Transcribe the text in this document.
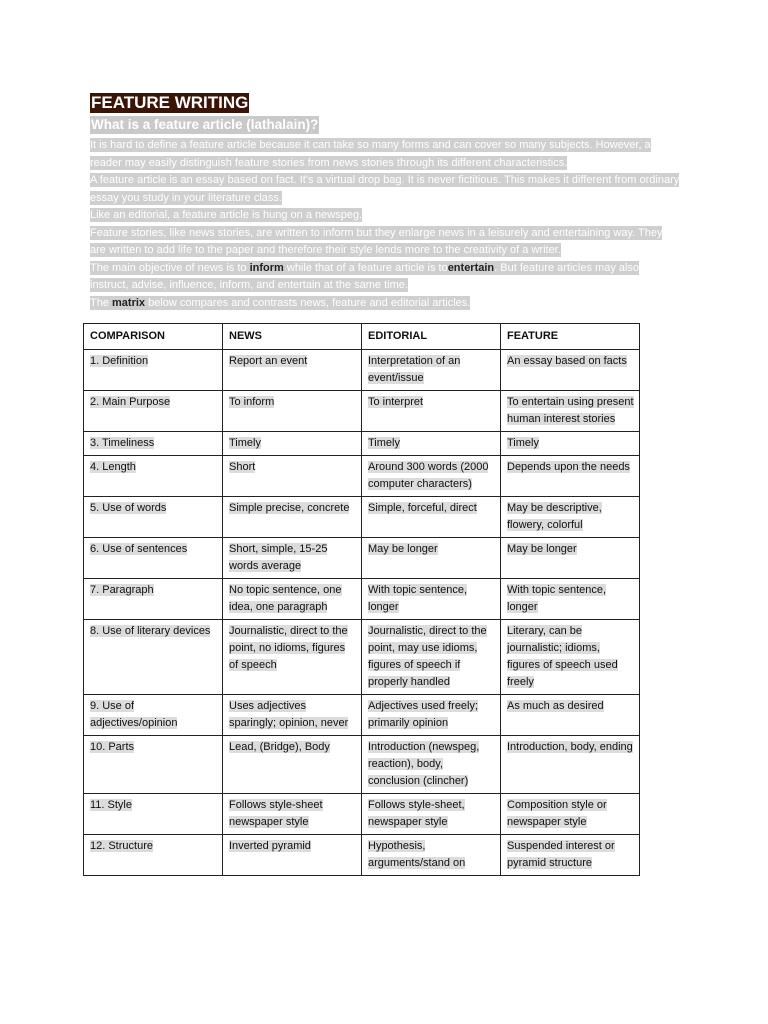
FEATURE WRITING
What is a feature article (lathalain)?

It is hard to define a feature article because it can take so many forms and can cover so many subjects. However, a reader may easily distinguish feature stories from news stories through its different characteristics.

A feature article is an essay based on fact. It's a virtual drop bag. It is never fictitious. This makes it different from ordinary essay you study in your literature class.

Like an editorial, a feature article is hung on a newspeg.

Feature stories, like news stories, are written to inform but they enlarge news in a leisurely and entertaining way. They are written to add life to the paper and therefore their style lends more to the creativity of a writer.

The main objective of news is to inform while that of a feature article is toentertain. But feature articles may also instruct, advise, influence, inform, and entertain at the same time.

The matrix below compares and contrasts news, feature and editorial articles.

COMPARISON	NEWS	EDITORIAL	FEATURE
1. Definition	Report an event	Interpretation of an event/issue	An essay based on facts
2. Main Purpose	To inform	To interpret	To entertain using present human interest stories
3. Timeliness	Timely	Timely	Timely
4. Length	Short	Around 300 words (2000 computer characters)	Depends upon the needs
5. Use of words	Simple precise, concrete	Simple, forceful, direct	May be descriptive, flowery, colorful
6. Use of sentences	Short, simple, 15-25 words average	May be longer	May be longer
7. Paragraph	No topic sentence, one idea, one paragraph	With topic sentence, longer	With topic sentence, longer
8. Use of literary devices	Journalistic, direct to the point, no idioms, figures of speech	Journalistic, direct to the point, may use idioms, figures of speech if properly handled	Literary, can be journalistic; idioms, figures of speech used freely
9. Use of adjectives/opinion	Uses adjectives sparingly; opinion, never	Adjectives used freely; primarily opinion	As much as desired
10. Parts	Lead, (Bridge), Body	Introduction (newspeg, reaction), body, conclusion (clincher)	Introduction, body, ending
11. Style	Follows style-sheet newspaper style	Follows style-sheet, newspaper style	Composition style or newspaper style
12. Structure	Inverted pyramid	Hypothesis, arguments/stand on	Suspended interest or pyramid structure
